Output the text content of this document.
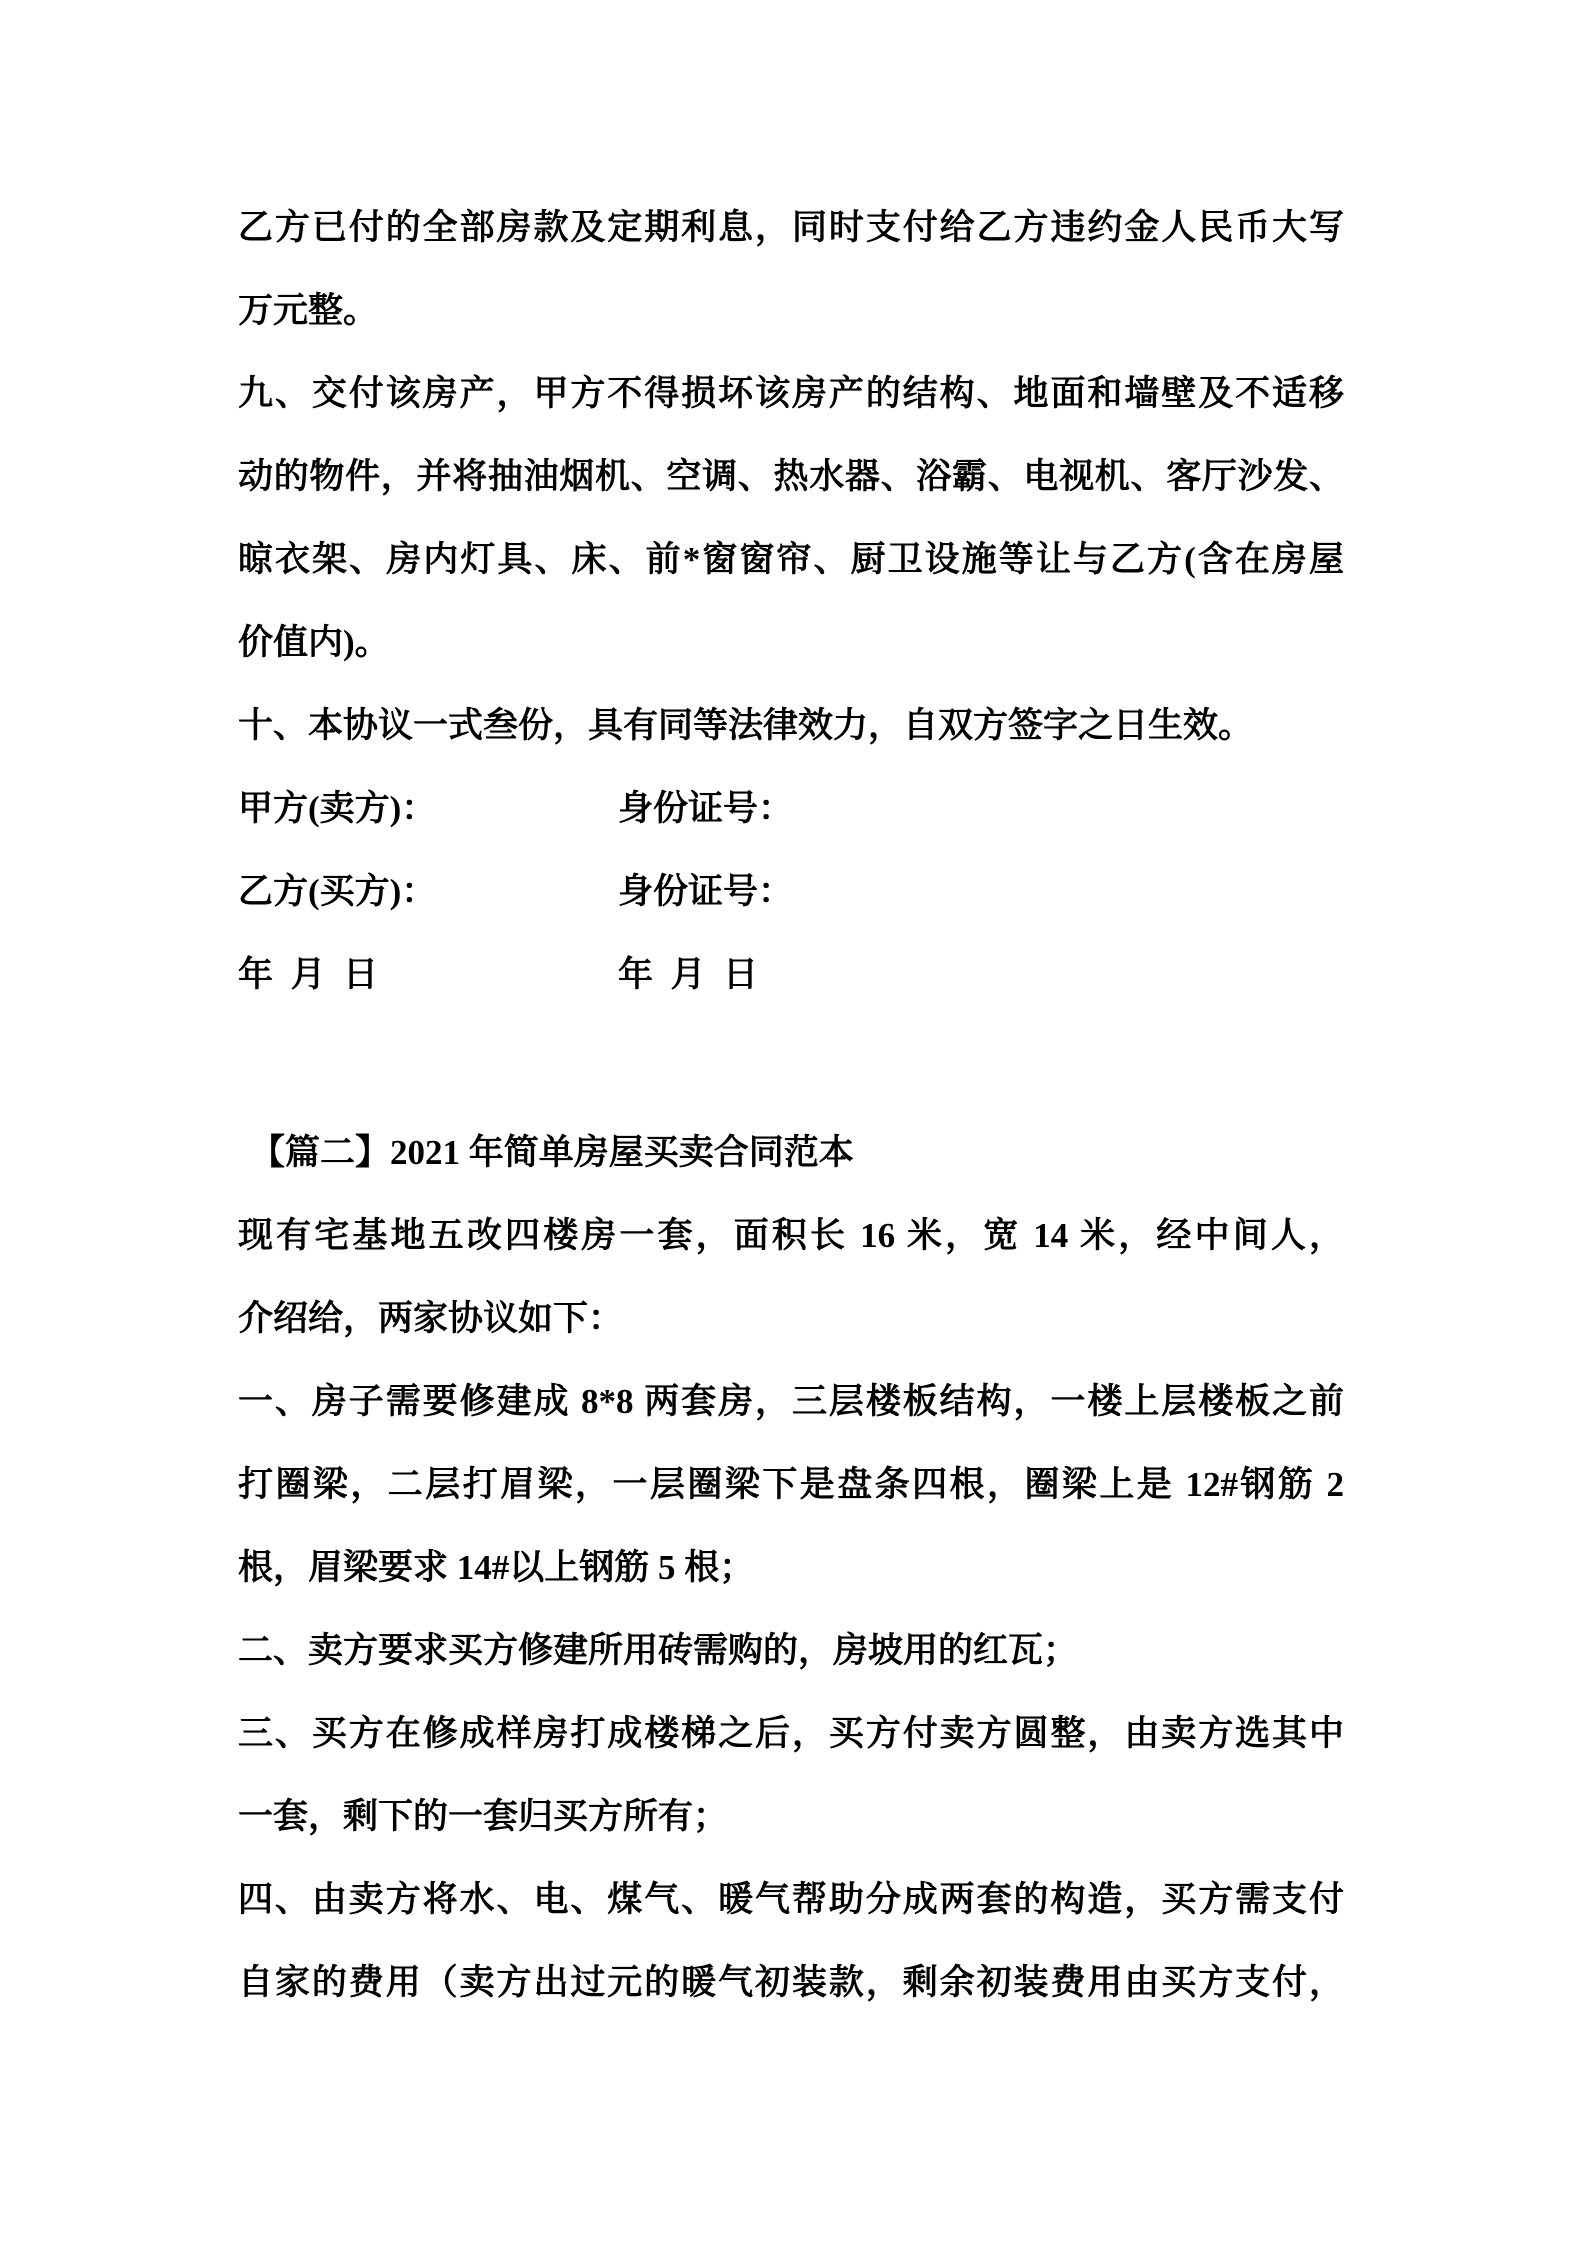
乙方已付的全部房款及定期利息，同时支付给乙方违约金人民币大写
万元整。
九、交付该房产，甲方不得损坏该房产的结构、地面和墙壁及不适移
动的物件，并将抽油烟机、空调、热水器、浴霸、电视机、客厅沙发、
晾衣架、房内灯具、床、前*窗窗帘、厨卫设施等让与乙方(含在房屋
价值内)。
十、本协议一式叁份，具有同等法律效力，自双方签字之日生效。
甲方(卖方)：	身份证号：
乙方(买方)：	身份证号：
年  月  日	年  月  日
【篇二】2021 年简单房屋买卖合同范本
现有宅基地五改四楼房一套，面积长 16 米，宽 14 米，经中间人，
介绍给，两家协议如下：
一、房子需要修建成 8*8 两套房，三层楼板结构，一楼上层楼板之前
打圈梁，二层打眉梁，一层圈梁下是盘条四根，圈梁上是 12#钢筋 2
根，眉梁要求 14#以上钢筋 5 根；
二、卖方要求买方修建所用砖需购的，房坡用的红瓦；
三、买方在修成样房打成楼梯之后，买方付卖方圆整，由卖方选其中
一套，剩下的一套归买方所有；
四、由卖方将水、电、煤气、暖气帮助分成两套的构造，买方需支付
自家的费用（卖方出过元的暖气初装款，剩余初装费用由买方支付，
